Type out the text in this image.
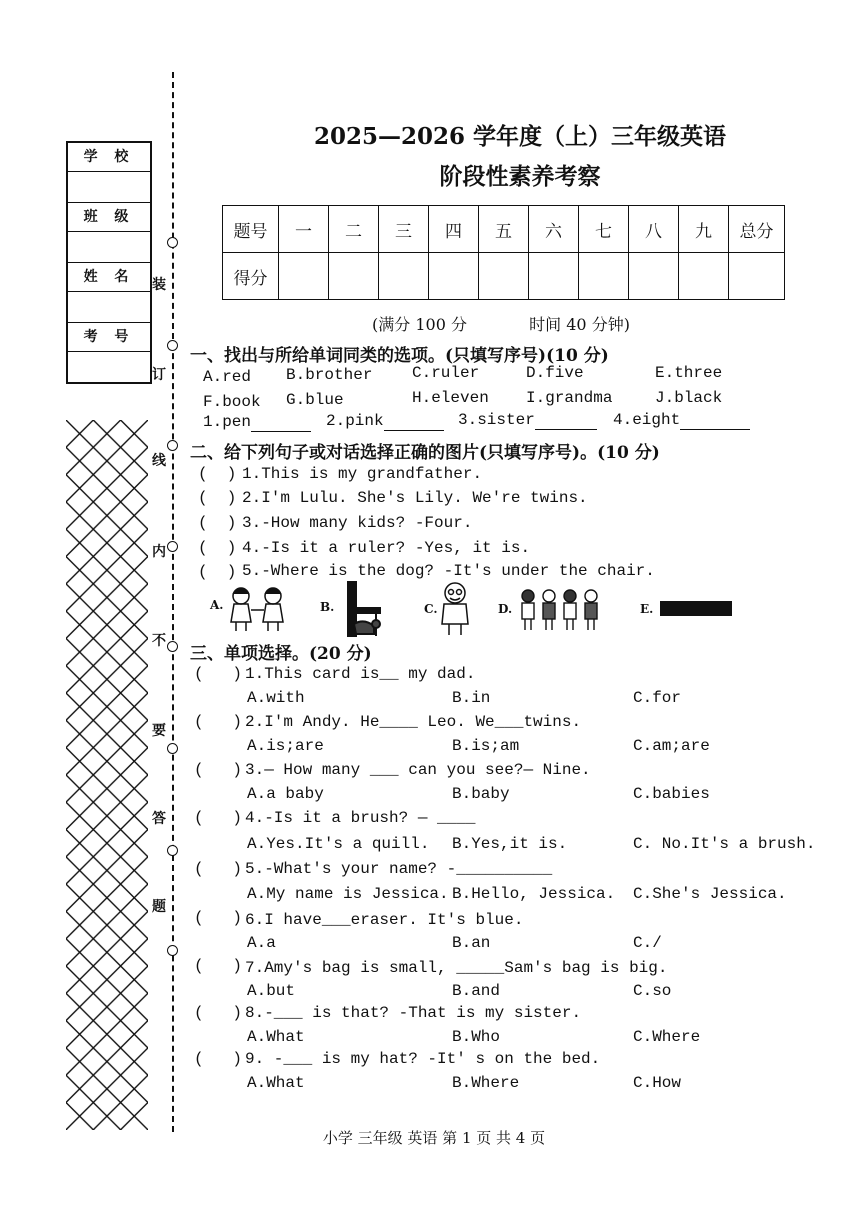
学 校
班 级
姓 名
考 号
装
订
线
内
不
要
答
题
2025—2026 学年度（上）三年级英语
阶段性素养考察
题号	一	二	三	四	五	六	七	八	九	总分
得分										
(满分 100 分	时间 40 分钟)
一、找出与所给单词同类的选项。(只填写序号)(10 分)
A.red B.brother C.ruler	D.five	E.three
F.book G.blue	H.eleven I.grandma	J.black
1.pen	2.pink	3.sister	4.eight
二、给下列句子或对话选择正确的图片(只填写序号)。(10 分)
(  ) 1.This is my grandfather.
(  ) 2.I'm Lulu. She's Lily. We're twins.
(  ) 3.-How many kids? -Four.
(  ) 4.-Is it a ruler? -Yes, it is.
(  ) 5.-Where is the dog? -It's under the chair.
A.	B.	C.	D.	E.
三、单项选择。(20 分)
(   ) 1.This card is__ my dad.
A.with	B.in	C.for
(   ) 2.I'm Andy. He____ Leo. We___twins.
A.is;are	B.is;am	C.am;are
(   ) 3.— How many ___ can you see?— Nine.
A.a baby	B.baby	C.babies
(   ) 4.-Is it a brush? — ____
A.Yes.It's a quill. B.Yes,it is.	C. No.It's a brush.
(   ) 5.-What's your name? -__________
A.My name is Jessica. B.Hello, Jessica. C.She's Jessica.
(   ) 6.I have___eraser. It's blue.
A.a	B.an	C./
(   ) 7.Amy's bag is small, _____Sam's bag is big.
A.but	B.and	C.so
(   ) 8.-___ is that? -That is my sister.
A.What	B.Who	C.Where
(   ) 9. -___ is my hat? -It' s on the bed.
A.What	B.Where	C.How
小学 三年级 英语 第 1 页 共 4 页
